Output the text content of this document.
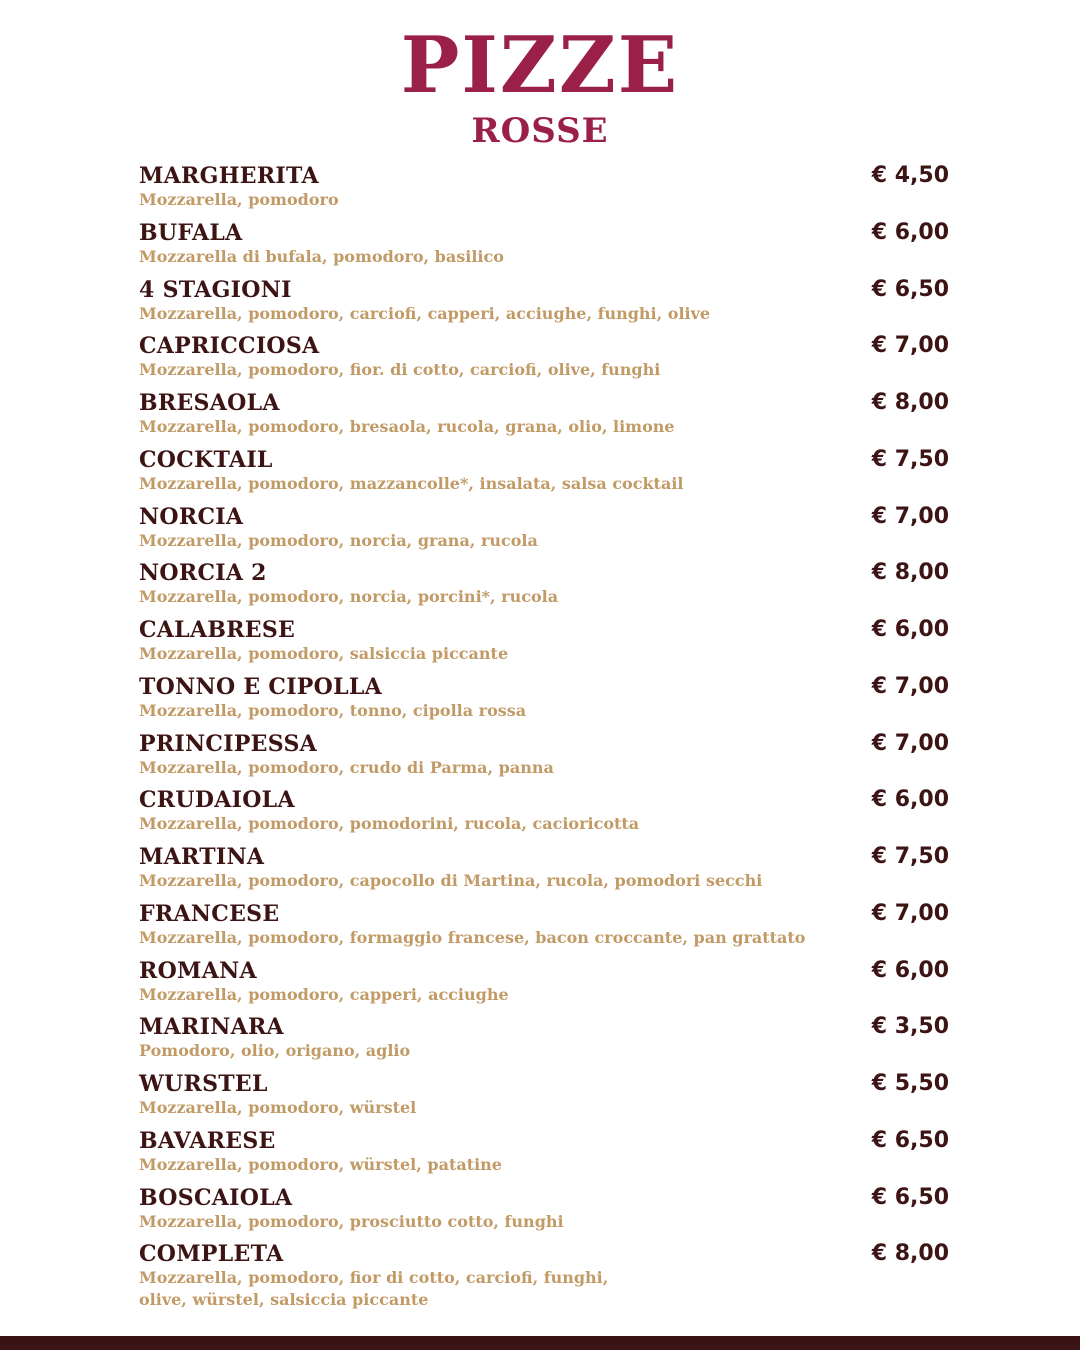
PIZZE
ROSSE
MARGHERITA	€ 4,50
Mozzarella, pomodoro
BUFALA	€ 6,00
Mozzarella di bufala, pomodoro, basilico
4 STAGIONI	€ 6,50
Mozzarella, pomodoro, carciofi, capperi, acciughe, funghi, olive
CAPRICCIOSA	€ 7,00
Mozzarella, pomodoro, fior. di cotto, carciofi, olive, funghi
BRESAOLA	€ 8,00
Mozzarella, pomodoro, bresaola, rucola, grana, olio, limone
COCKTAIL	€ 7,50
Mozzarella, pomodoro, mazzancolle*, insalata, salsa cocktail
NORCIA	€ 7,00
Mozzarella, pomodoro, norcia, grana, rucola
NORCIA 2	€ 8,00
Mozzarella, pomodoro, norcia, porcini*, rucola
CALABRESE	€ 6,00
Mozzarella, pomodoro, salsiccia piccante
TONNO E CIPOLLA	€ 7,00
Mozzarella, pomodoro, tonno, cipolla rossa
PRINCIPESSA	€ 7,00
Mozzarella, pomodoro, crudo di Parma, panna
CRUDAIOLA	€ 6,00
Mozzarella, pomodoro, pomodorini, rucola, cacioricotta
MARTINA	€ 7,50
Mozzarella, pomodoro, capocollo di Martina, rucola, pomodori secchi
FRANCESE	€ 7,00
Mozzarella, pomodoro, formaggio francese, bacon croccante, pan grattato
ROMANA	€ 6,00
Mozzarella, pomodoro, capperi, acciughe
MARINARA	€ 3,50
Pomodoro, olio, origano, aglio
WURSTEL	€ 5,50
Mozzarella, pomodoro, würstel
BAVARESE	€ 6,50
Mozzarella, pomodoro, würstel, patatine
BOSCAIOLA	€ 6,50
Mozzarella, pomodoro, prosciutto cotto, funghi
COMPLETA	€ 8,00
Mozzarella, pomodoro, fior di cotto, carciofi, funghi, olive, würstel, salsiccia piccante
